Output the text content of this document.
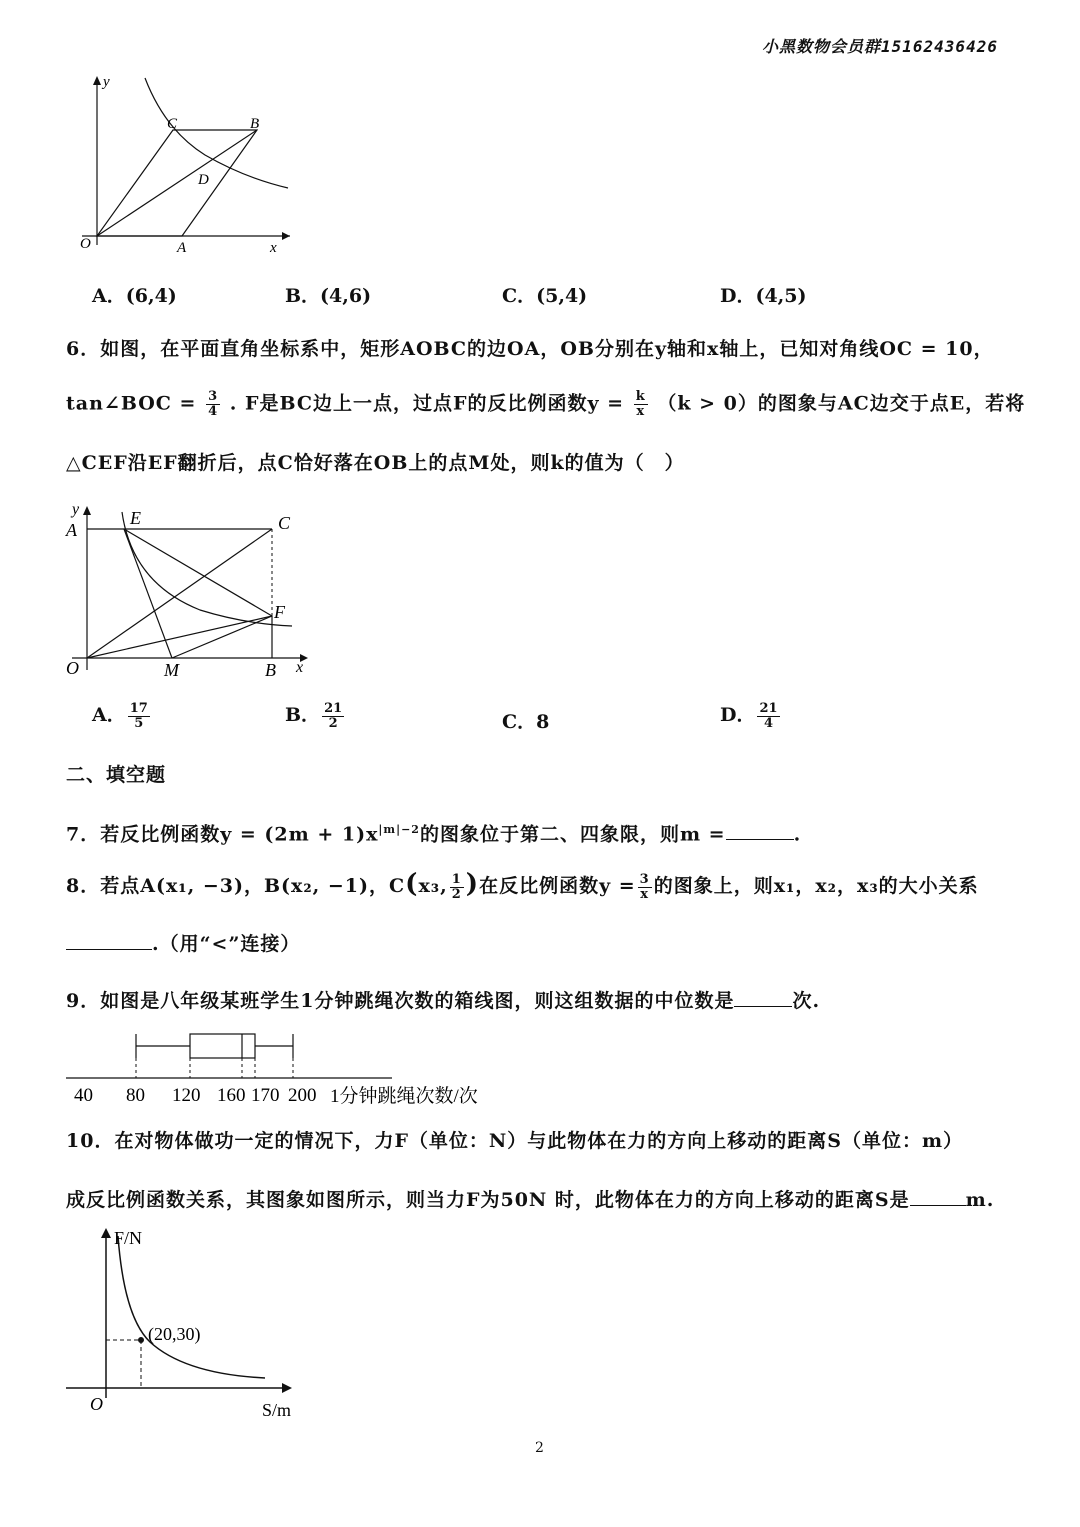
小黑数物会员群15162436426
y
x
O	A
B
C
D
A．(6,4)	B．(4,6)	C．(5,4)	D．(4,5)
6．如图，在平面直角坐标系中，矩形AOBC的边OA，OB分别在y轴和x轴上，已知对角线OC = 10，
tan∠BOC = $\frac{3}{4}$ . F是BC边上一点，过点F的反比例函数$y = \frac{k}{x} (k > 0)$的图象与AC边交于点E，若将
△CEF沿EF翻折后，点C恰好落在OB上的点M处，则k的值为（　）
y
A
E	C
F
O	M	B x
A． $\frac{17}{5}$	B． $\frac{21}{2}$	C．8	D． $\frac{21}{4}$
二、填空题
7．若反比例函数$y = (2m + 1)x^{|m|-2}$的图象位于第二、四象限，则m =	.
8．若点A(x₁, −3)，B(x₂, −1)，C(x₃, $\frac{1}{2}$ )在反比例函数$y = \frac{3}{x}$ 的图象上，则x₁，x₂，x₃的大小关系
.（用“<”连接）
9．如图是八年级某班学生1分钟跳绳次数的箱线图，则这组数据的中位数是	次.
40 80 120 160 170 200 1分钟跳绳次数/次
10．在对物体做功一定的情况下，力F（单位：N）与此物体在力的方向上移动的距离S（单位：m）
成反比例函数关系，其图象如图所示，则当力F为50N 时，此物体在力的方向上移动的距离S是	m.
F/N
(20,30)
O	S/m
2
